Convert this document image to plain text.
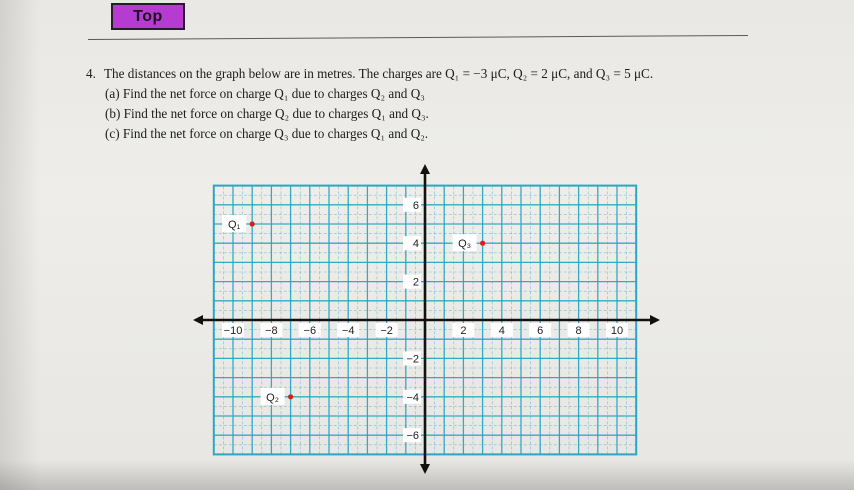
Top
4. The distances on the graph below are in metres. The charges are Q₁ = −3 μC, Q₂ = 2 μC, and Q₃ = 5 μC.
(a) Find the net force on charge Q₁ due to charges Q₂ and Q₃
(b) Find the net force on charge Q₂ due to charges Q₁ and Q₃.
(c) Find the net force on charge Q₃ due to charges Q₁ and Q₂.
−10 −8 −6 −4 −2	2	4	6	8	10
6
4
2
−2
−4
−6
Q₁
Q₃
Q₂
